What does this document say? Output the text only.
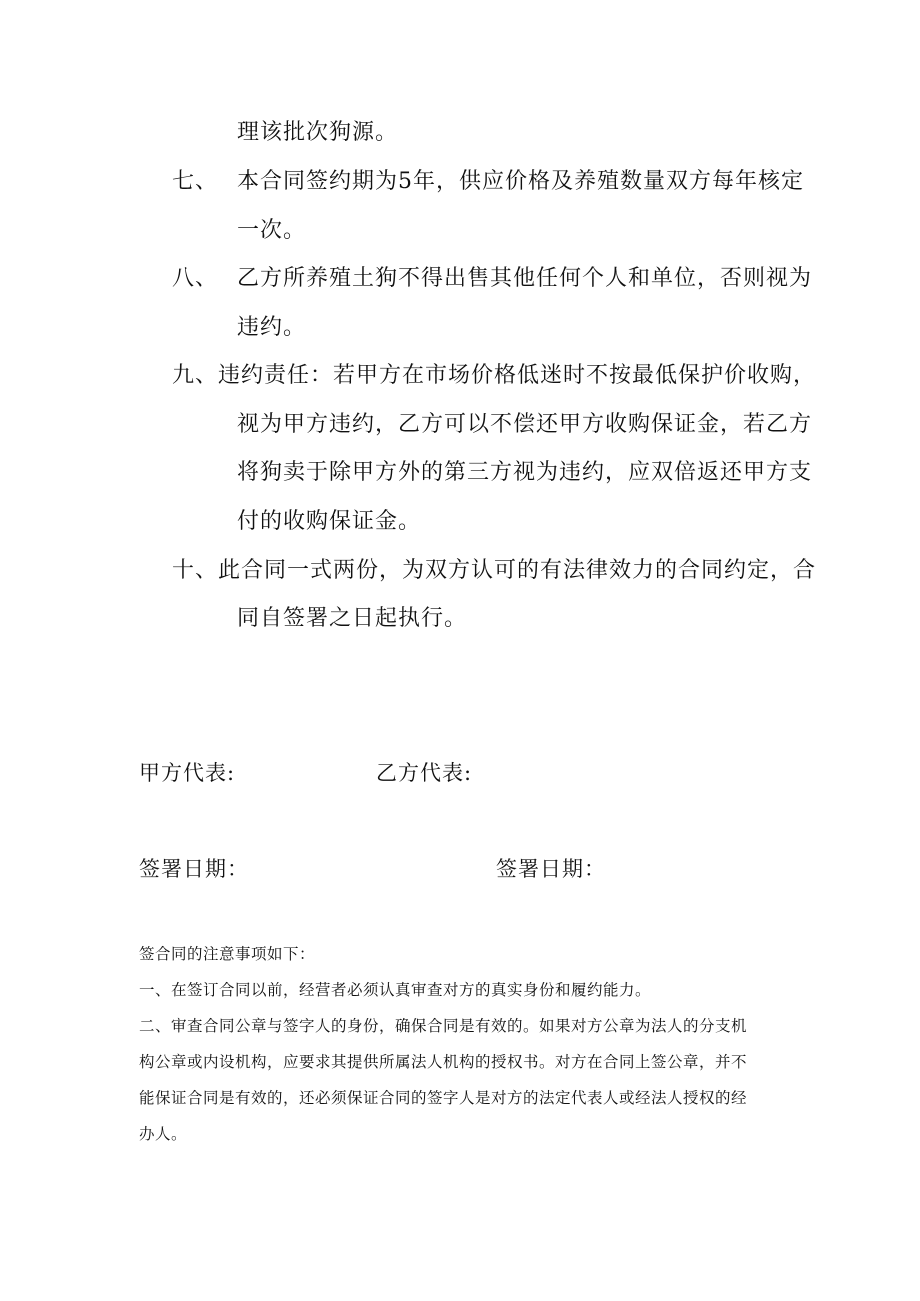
理该批次狗源。
七、 本合同签约期为5年，供应价格及养殖数量双方每年核定
一次。
八、 乙方所养殖土狗不得出售其他任何个人和单位，否则视为
违约。
九、违约责任：若甲方在市场价格低迷时不按最低保护价收购，
视为甲方违约，乙方可以不偿还甲方收购保证金，若乙方
将狗卖于除甲方外的第三方视为违约，应双倍返还甲方支
付的收购保证金。
十、此合同一式两份，为双方认可的有法律效力的合同约定，合
同自签署之日起执行。
甲方代表:	乙方代表:
签署日期：	签署日期：
签合同的注意事项如下：
一、在签订合同以前，经营者必须认真审查对方的真实身份和履约能力。
二、审查合同公章与签字人的身份，确保合同是有效的。如果对方公章为法人的分支机
构公章或内设机构，应要求其提供所属法人机构的授权书。对方在合同上签公章，并不
能保证合同是有效的，还必须保证合同的签字人是对方的法定代表人或经法人授权的经
办人。
